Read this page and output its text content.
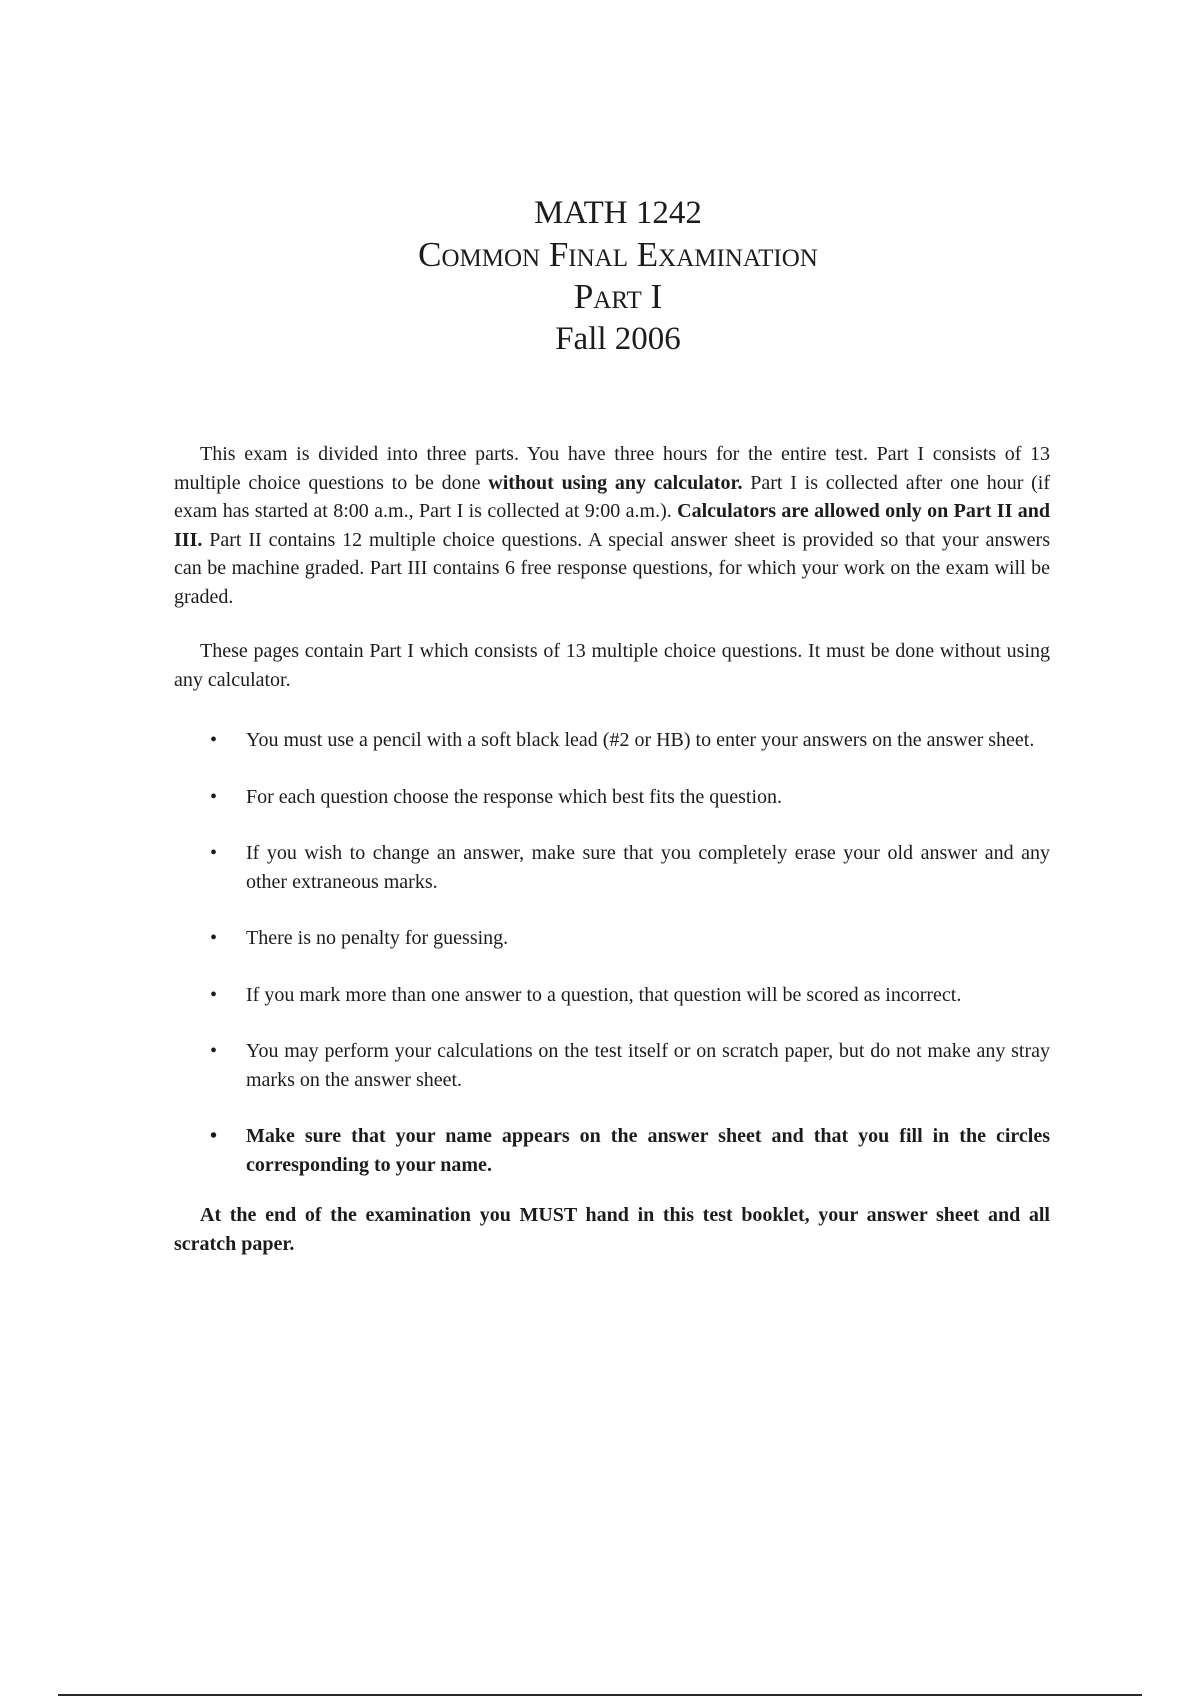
MATH 1242

Common Final Examination

Part I

Fall 2006

This exam is divided into three parts. You have three hours for the entire test. Part I consists of 13 multiple choice questions to be done without using any calculator. Part I is collected after one hour (if exam has started at 8:00 a.m., Part I is collected at 9:00 a.m.). Calculators are allowed only on Part II and III. Part II contains 12 multiple choice questions. A special answer sheet is provided so that your answers can be machine graded. Part III contains 6 free response questions, for which your work on the exam will be graded.

These pages contain Part I which consists of 13 multiple choice questions. It must be done without using any calculator.

• You must use a pencil with a soft black lead (#2 or HB) to enter your answers on the answer sheet.
• For each question choose the response which best fits the question.
• If you wish to change an answer, make sure that you completely erase your old answer and any other extraneous marks.
• There is no penalty for guessing.
• If you mark more than one answer to a question, that question will be scored as incorrect.
• You may perform your calculations on the test itself or on scratch paper, but do not make any stray marks on the answer sheet.
• Make sure that your name appears on the answer sheet and that you fill in the circles corresponding to your name.

At the end of the examination you MUST hand in this test booklet, your answer sheet and all scratch paper.
